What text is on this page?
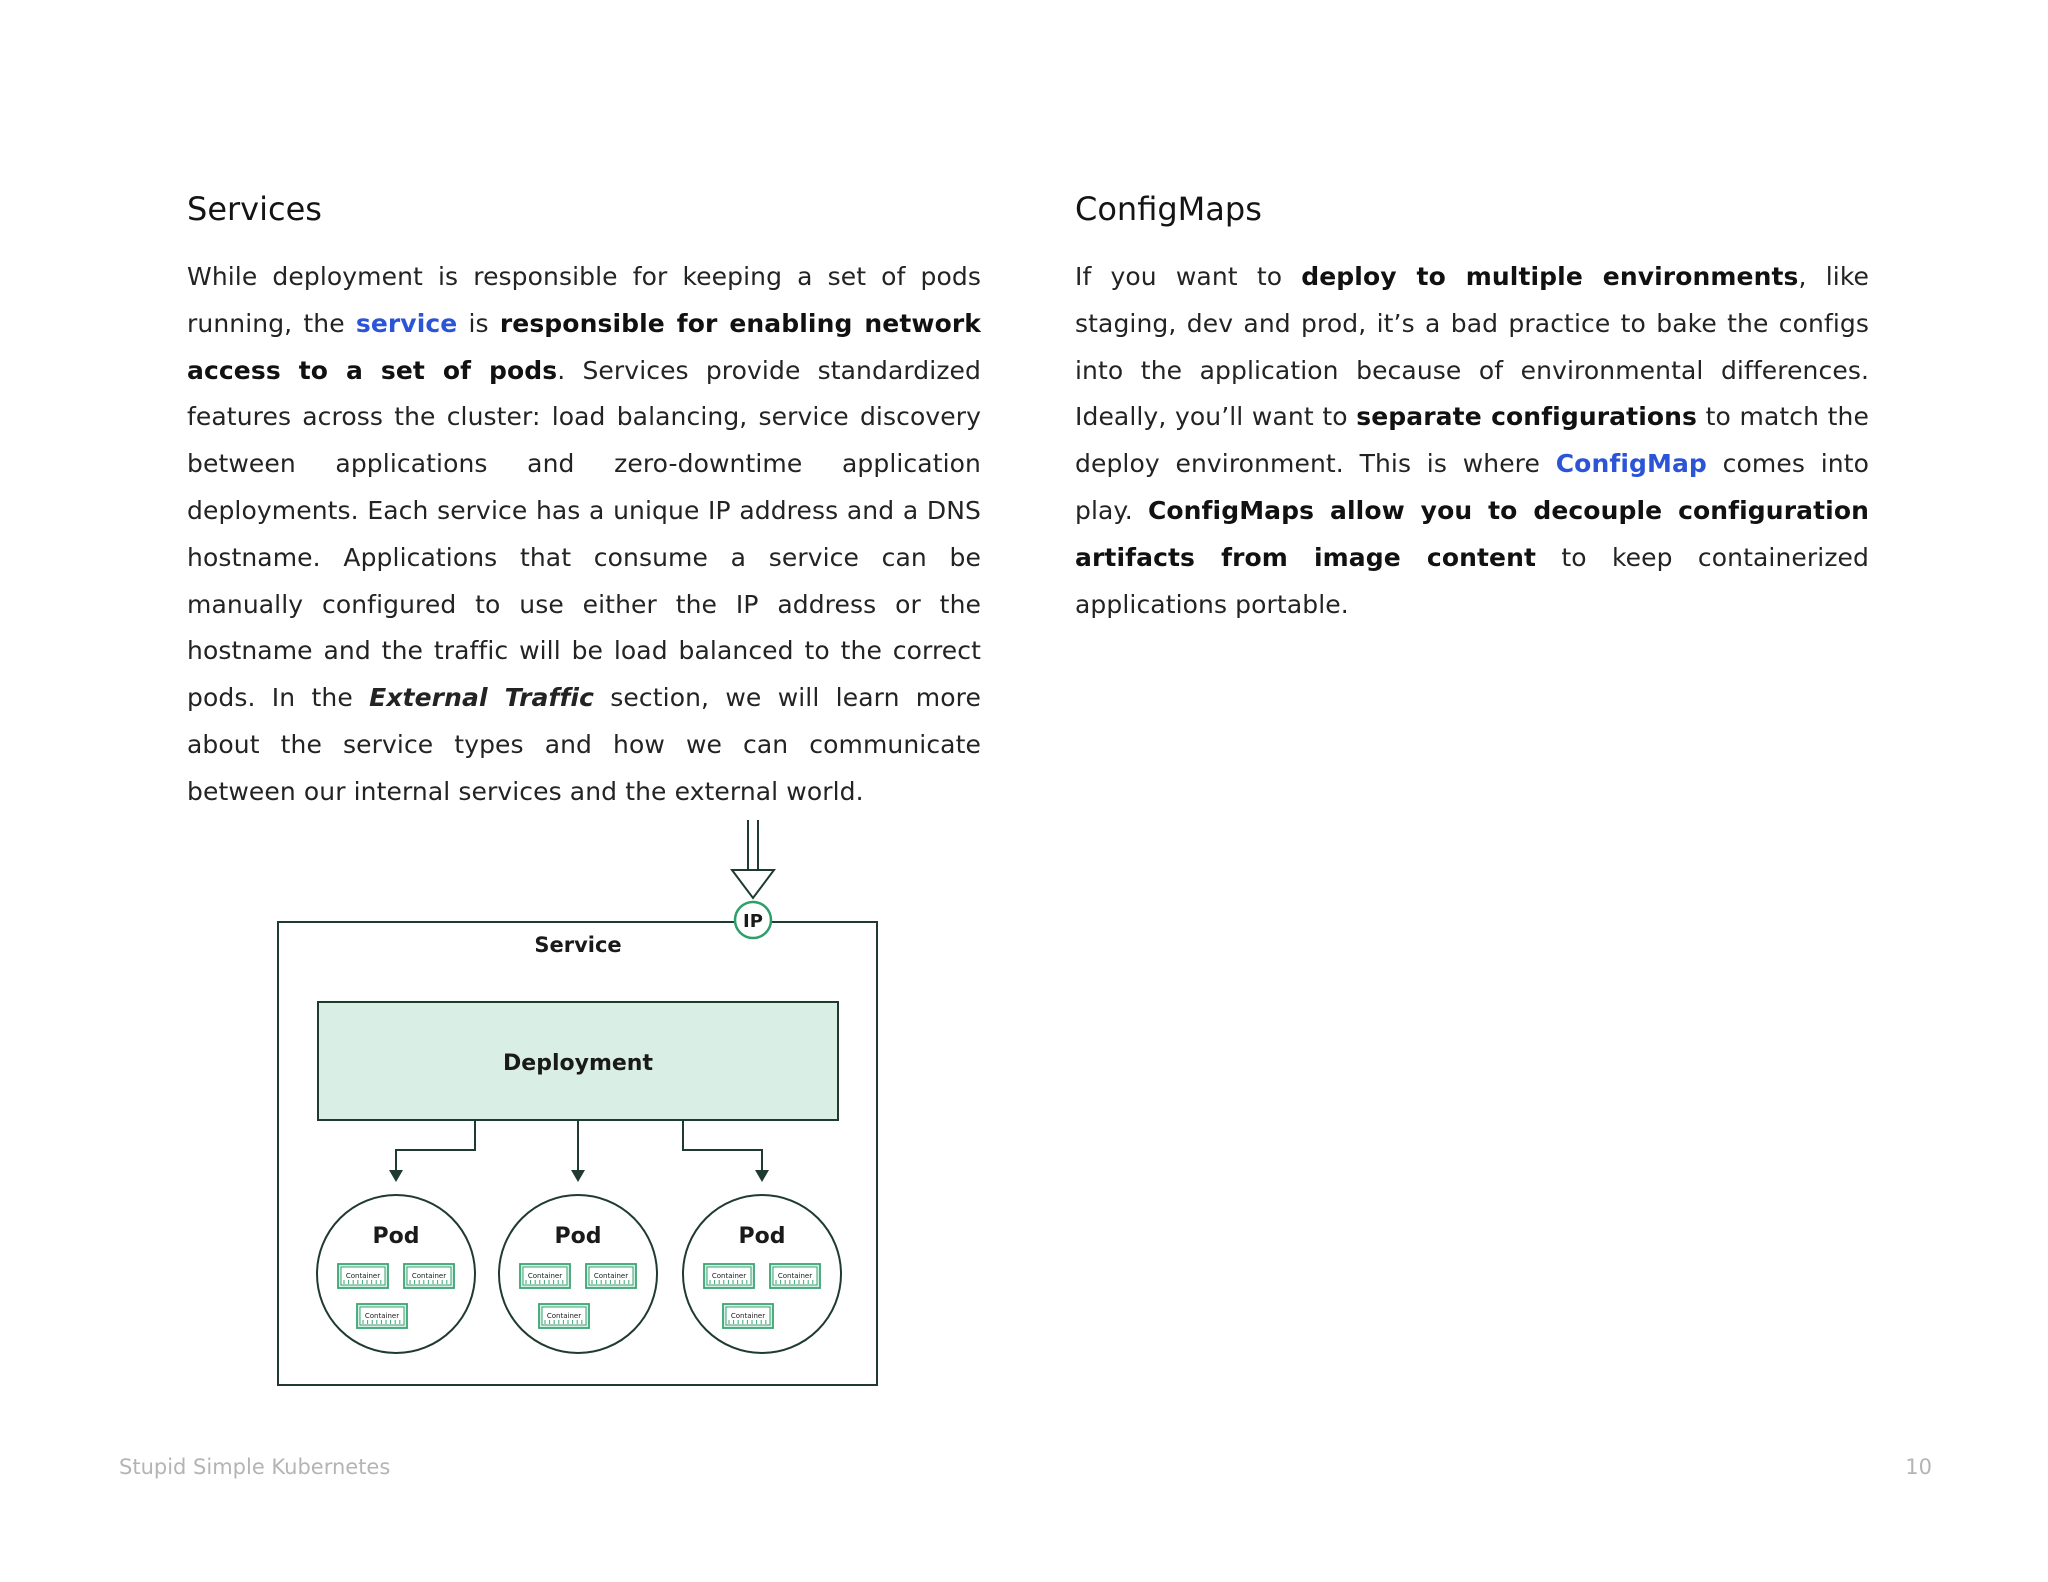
Services

While deployment is responsible for keeping a set of pods running, the service is responsible for enabling network access to a set of pods. Services provide standardized features across the cluster: load balancing, service discovery between applications and zero-downtime application deployments. Each service has a unique IP address and a DNS hostname. Applications that consume a service can be manually configured to use either the IP address or the hostname and the traffic will be load balanced to the correct pods. In the External Traffic section, we will learn more about the service types and how we can communicate between our internal services and the external world.

ConfigMaps

If you want to deploy to multiple environments, like staging, dev and prod, it’s a bad practice to bake the configs into the application because of environmental differences. Ideally, you’ll want to separate configurations to match the deploy environment. This is where ConfigMap comes into play. ConfigMaps allow you to decouple configuration artifacts from image content to keep containerized applications portable.

Service
IP
Deployment
Pod
Container	Container
Container
Pod
Container	Container
Container
Pod
Container	Container
Container
Stupid Simple Kubernetes	10
